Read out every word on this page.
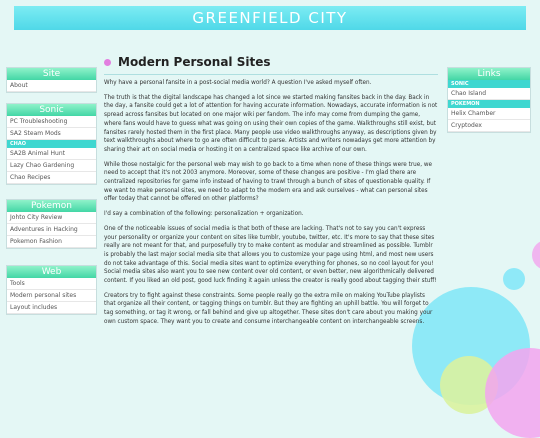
GREENFIELD CITY
Site
About
Sonic
PC Troubleshooting
SA2 Steam Mods
CHAO
SA2B Animal Hunt
Lazy Chao Gardening
Chao Recipes
Pokemon
Johto City Review
Adventures in Hacking
Pokemon Fashion
Web
Tools
Modern personal sites
Layout includes
Links
SONIC
Chao Island
POKEMON
Helix Chamber
Cryptodex
Modern Personal Sites

Why have a personal fansite in a post-social media world? A question I've asked myself often.

The truth is that the digital landscape has changed a lot since we started making fansites back in the day. Back in the day, a fansite could get a lot of attention for having accurate information. Nowadays, accurate information is not spread across fansites but located on one major wiki per fandom. The info may come from dumping the game, where fans would have to guess what was going on using their own copies of the game. Walkthroughs still exist, but fansites rarely hosted them in the first place. Many people use video walkthroughs anyway, as descriptions given by text walkthroughs about where to go are often difficult to parse. Artists and writers nowadays get more attention by sharing their art on social media or hosting it on a centralized space like archive of our own.

While those nostalgic for the personal web may wish to go back to a time when none of these things were true, we need to accept that it's not 2003 anymore. Moreover, some of these changes are positive - I'm glad there are centralized repositories for game info instead of having to trawl through a bunch of sites of questionable quality. If we want to make personal sites, we need to adapt to the modern era and ask ourselves - what can personal sites offer today that cannot be offered on other platforms?

I'd say a combination of the following: personalization + organization.

One of the noticeable issues of social media is that both of these are lacking. That's not to say you can't express your personality or organize your content on sites like tumblr, youtube, twitter, etc. It's more to say that these sites really are not meant for that, and purposefully try to make content as modular and streamlined as possible. Tumblr is probably the last major social media site that allows you to customize your page using html, and most new users do not take advantage of this. Social media sites want to optimize everything for phones, so no cool layout for you! Social media sites also want you to see new content over old content, or even better, new algorithmically delivered content. If you liked an old post, good luck finding it again unless the creator is really good about tagging their stuff!

Creators try to fight against these constraints. Some people really go the extra mile on making YouTube playlists that organize all their content, or tagging things on tumblr. But they are fighting an uphill battle. You will forget to tag something, or tag it wrong, or fall behind and give up altogether. These sites don't care about you making your own custom space. They want you to create and consume interchangeable content on interchangeable screens.
